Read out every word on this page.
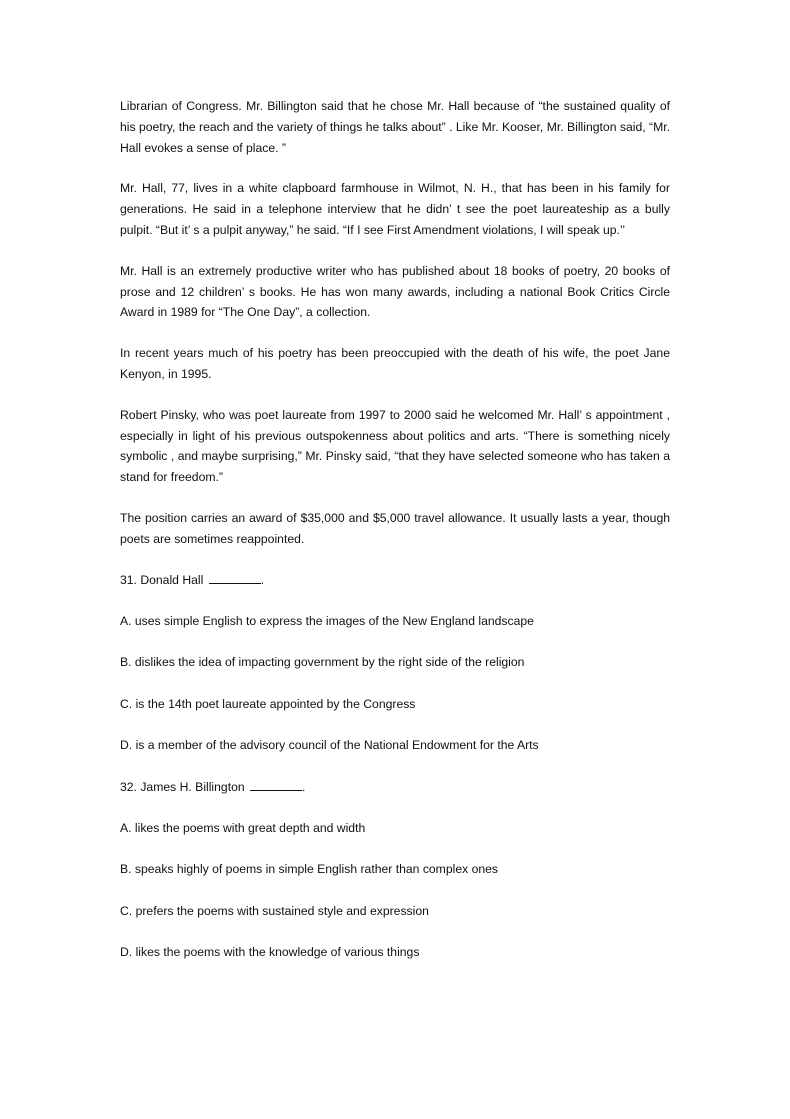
Librarian of Congress. Mr. Billington said that he chose Mr. Hall because of “the sustained quality of his poetry, the reach and the variety of things he talks about” . Like Mr. Kooser, Mr. Billington said, “Mr. Hall evokes a sense of place. ”

Mr. Hall, 77, lives in a white clapboard farmhouse in Wilmot, N. H., that has been in his family for generations. He said in a telephone interview that he didn’ t see the poet laureateship as a bully pulpit. “But it’ s a pulpit anyway,” he said. “If I see First Amendment violations, I will speak up.’’

Mr. Hall is an extremely productive writer who has published about 18 books of poetry, 20 books of prose and 12 children’ s books. He has won many awards, including a national Book Critics Circle Award in 1989 for “The One Day”, a collection.

In recent years much of his poetry has been preoccupied with the death of his wife, the poet Jane Kenyon, in 1995.

Robert Pinsky, who was poet laureate from 1997 to 2000 said he welcomed Mr. Hall’ s appointment , especially in light of his previous outspokenness about politics and arts. “There is something nicely symbolic , and maybe surprising,” Mr. Pinsky said, “that they have selected someone who has taken a stand for freedom.”

The position carries an award of $35,000 and $5,000 travel allowance. It usually lasts a year, though poets are sometimes reappointed.

31. Donald Hall	.

A. uses simple English to express the images of the New England landscape

B. dislikes the idea of impacting government by the right side of the religion

C. is the 14th poet laureate appointed by the Congress

D. is a member of the advisory council of the National Endowment for the Arts

32. James H. Billington	.

A. likes the poems with great depth and width

B. speaks highly of poems in simple English rather than complex ones

C. prefers the poems with sustained style and expression

D. likes the poems with the knowledge of various things
